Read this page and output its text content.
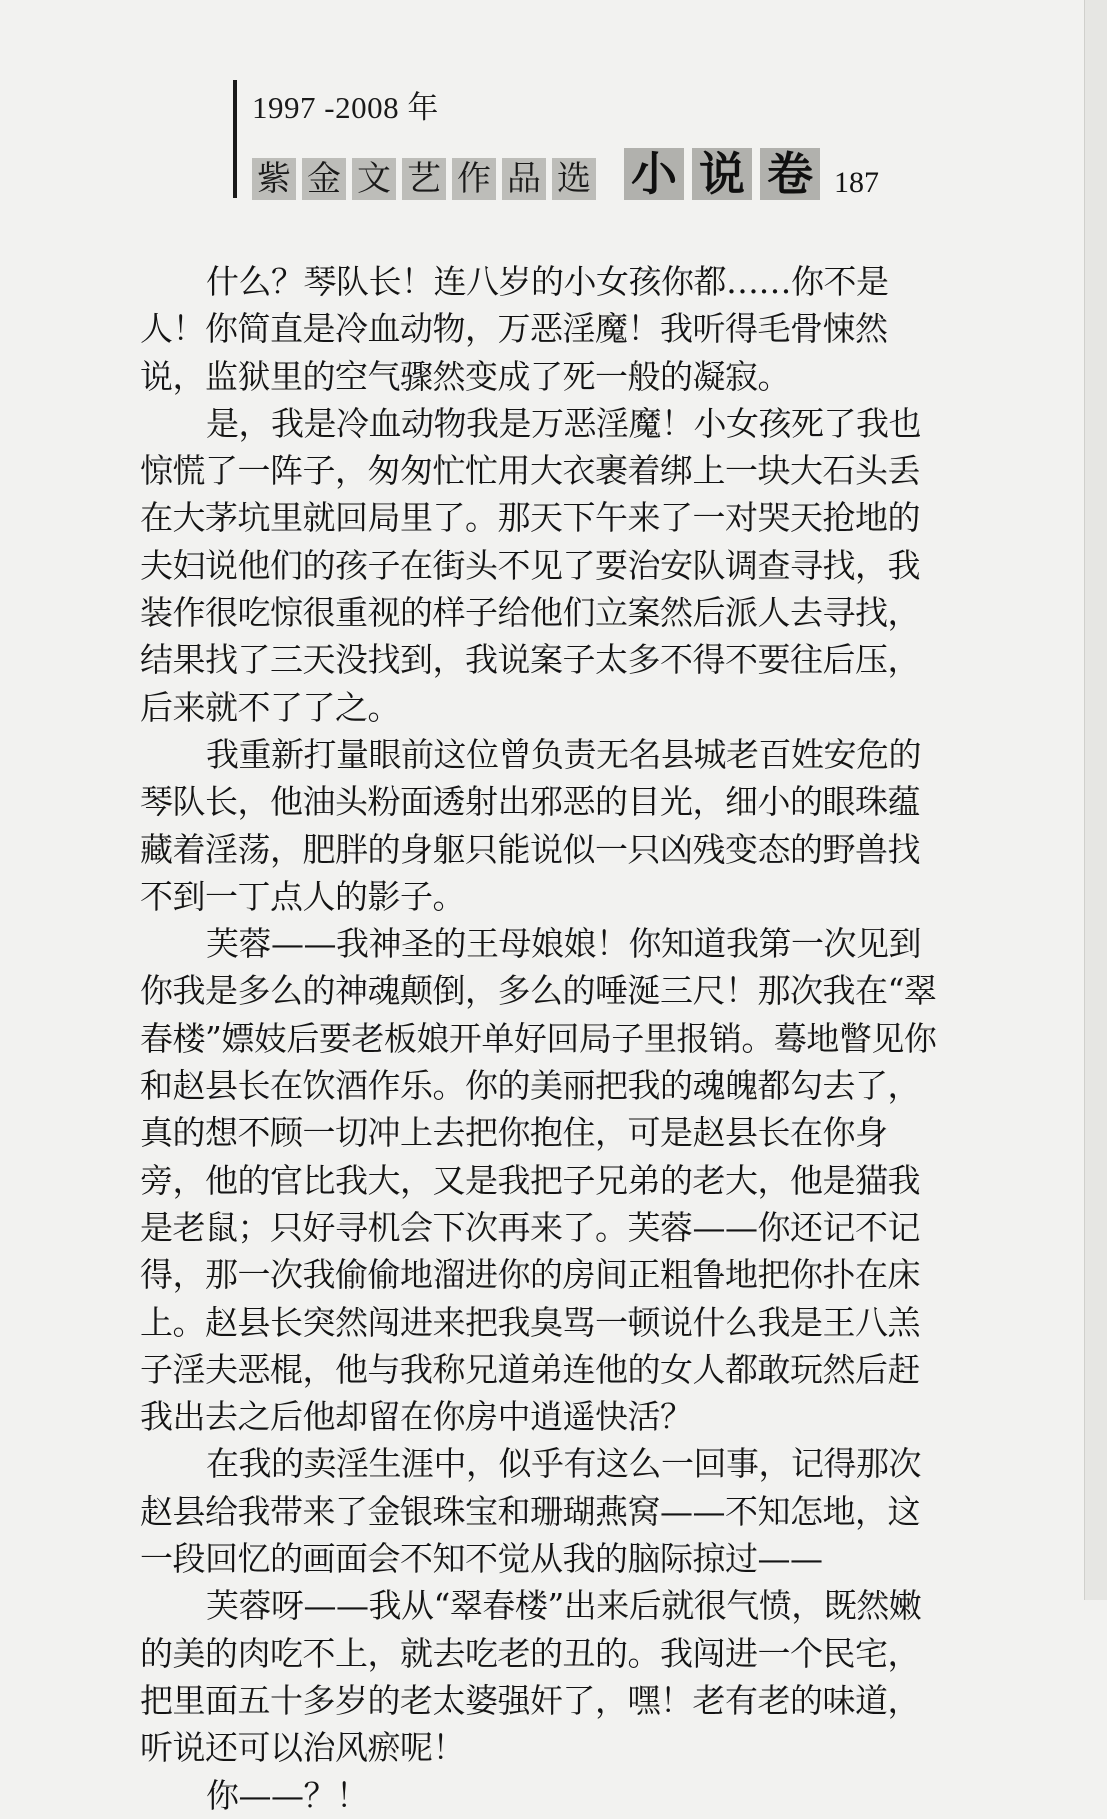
1997 -2008 年
紫 金 文 艺 作 品 选 小 说 卷 187

什么？琴队长！连八岁的小女孩你都……你不是人！你简直是冷血动物，万恶淫魔！我听得毛骨悚然说，监狱里的空气骤然变成了死一般的凝寂。

是，我是冷血动物我是万恶淫魔！小女孩死了我也惊慌了一阵子，匆匆忙忙用大衣裹着绑上一块大石头丢在大茅坑里就回局里了。那天下午来了一对哭天抢地的夫妇说他们的孩子在街头不见了要治安队调查寻找，我装作很吃惊很重视的样子给他们立案然后派人去寻找，结果找了三天没找到，我说案子太多不得不要往后压，后来就不了了之。

我重新打量眼前这位曾负责无名县城老百姓安危的琴队长，他油头粉面透射出邪恶的目光，细小的眼珠蕴藏着淫荡，肥胖的身躯只能说似一只凶残变态的野兽找不到一丁点人的影子。

芙蓉——我神圣的王母娘娘！你知道我第一次见到你我是多么的神魂颠倒，多么的唾涎三尺！那次我在“翠春楼”嫖妓后要老板娘开单好回局子里报销。蓦地瞥见你和赵县长在饮酒作乐。你的美丽把我的魂魄都勾去了，真的想不顾一切冲上去把你抱住，可是赵县长在你身旁，他的官比我大，又是我把子兄弟的老大，他是猫我是老鼠；只好寻机会下次再来了。芙蓉——你还记不记得，那一次我偷偷地溜进你的房间正粗鲁地把你扑在床上。赵县长突然闯进来把我臭骂一顿说什么我是王八羔子淫夫恶棍，他与我称兄道弟连他的女人都敢玩然后赶我出去之后他却留在你房中逍遥快活？

在我的卖淫生涯中，似乎有这么一回事，记得那次赵县给我带来了金银珠宝和珊瑚燕窝——不知怎地，这一段回忆的画面会不知不觉从我的脑际掠过——

芙蓉呀——我从“翠春楼”出来后就很气愤，既然嫩的美的肉吃不上，就去吃老的丑的。我闯进一个民宅，把里面五十多岁的老太婆强奸了，嘿！老有老的味道，听说还可以治风瘀呢！

你——？！
